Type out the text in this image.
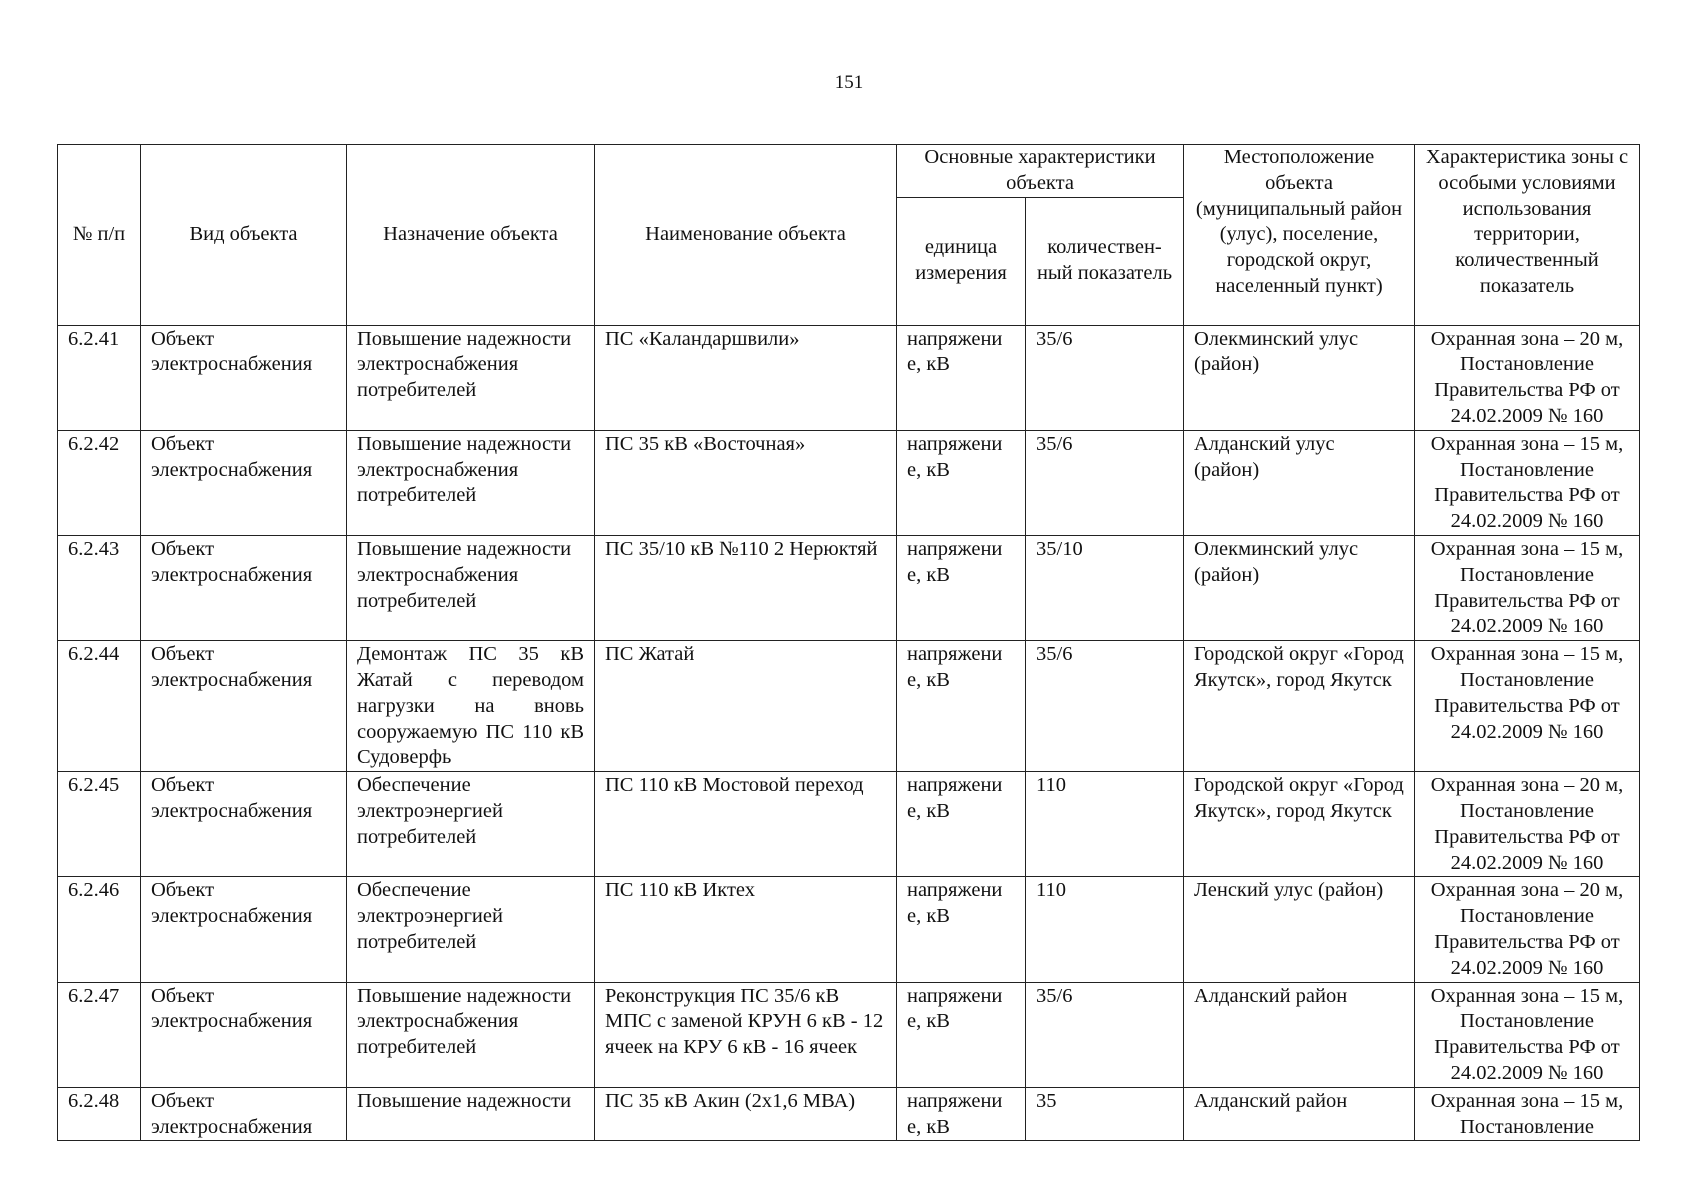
151
№ п/п	Вид объекта	Назначение объекта	Наименование объекта	Основные характеристики объекта		Местоположение объекта (муниципальный район (улус), поселение, городской округ, населенный пункт)	Характеристика зоны с особыми условиями использования территории, количественный показатель
				единица измерения	количествен-ный показатель		
6.2.41	Объект электроснабжения	Повышение надежности электроснабжения потребителей	ПС «Каландаршвили»	напряжени е, кВ	35/6	Олекминский улус (район)	Охранная зона – 20 м, Постановление Правительства РФ от 24.02.2009 № 160
6.2.42	Объект электроснабжения	Повышение надежности электроснабжения потребителей	ПС 35 кВ «Восточная»	напряжени е, кВ	35/6	Алданский улус (район)	Охранная зона – 15 м, Постановление Правительства РФ от 24.02.2009 № 160
6.2.43	Объект электроснабжения	Повышение надежности электроснабжения потребителей	ПС 35/10 кВ №110 2 Нерюктяй	напряжени е, кВ	35/10	Олекминский улус (район)	Охранная зона – 15 м, Постановление Правительства РФ от 24.02.2009 № 160
6.2.44	Объект электроснабжения	Демонтаж ПС 35 кВ Жатай с переводом нагрузки на вновь сооружаемую ПС 110 кВ Судоверфь	ПС Жатай	напряжени е, кВ	35/6	Городской округ «Город Якутск», город Якутск	Охранная зона – 15 м, Постановление Правительства РФ от 24.02.2009 № 160
6.2.45	Объект электроснабжения	Обеспечение электроэнергией потребителей	ПС 110 кВ Мостовой переход	напряжени е, кВ	110	Городской округ «Город Якутск», город Якутск	Охранная зона – 20 м, Постановление Правительства РФ от 24.02.2009 № 160
6.2.46	Объект электроснабжения	Обеспечение электроэнергией потребителей	ПС 110 кВ Иктех	напряжени е, кВ	110	Ленский улус (район)	Охранная зона – 20 м, Постановление Правительства РФ от 24.02.2009 № 160
6.2.47	Объект электроснабжения	Повышение надежности электроснабжения потребителей	Реконструкция ПС 35/6 кВ МПС с заменой КРУН 6 кВ - 12 ячеек на КРУ 6 кВ - 16 ячеек	напряжени е, кВ	35/6	Алданский район	Охранная зона – 15 м, Постановление Правительства РФ от 24.02.2009 № 160
6.2.48	Объект электроснабжения	Повышение надежности	ПС 35 кВ Акин (2х1,6 МВА)	напряжени е, кВ	35	Алданский район	Охранная зона – 15 м, Постановление
